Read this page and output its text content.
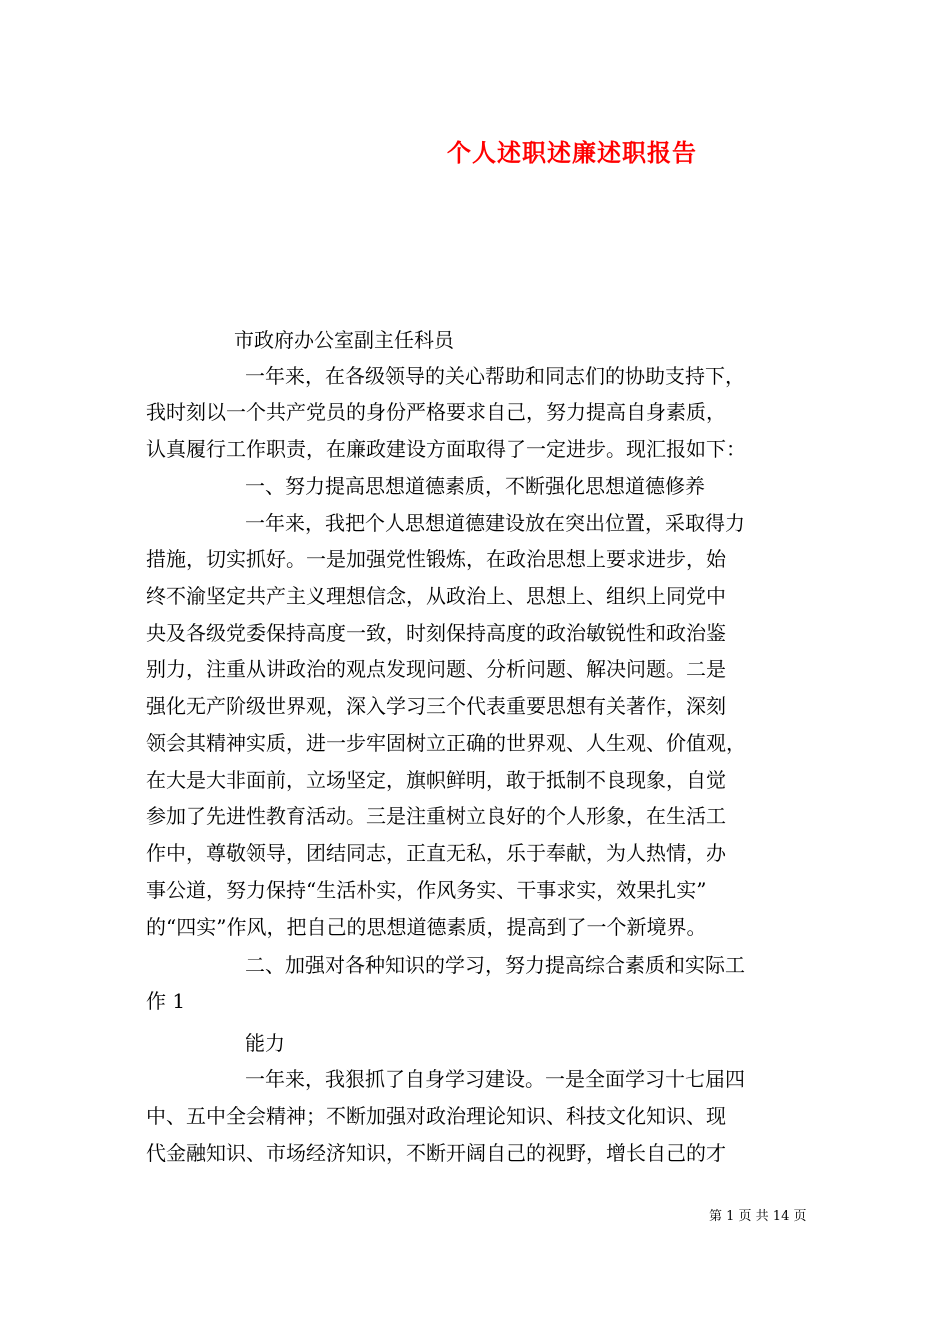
个人述职述廉述职报告
市政府办公室副主任科员
一年来，在各级领导的关心帮助和同志们的协助支持下，
我时刻以一个共产党员的身份严格要求自己，努力提高自身素质，
认真履行工作职责，在廉政建设方面取得了一定进步。现汇报如下：
一、努力提高思想道德素质，不断强化思想道德修养
一年来，我把个人思想道德建设放在突出位置，采取得力
措施，切实抓好。一是加强党性锻炼，在政治思想上要求进步，始
终不渝坚定共产主义理想信念，从政治上、思想上、组织上同党中
央及各级党委保持高度一致，时刻保持高度的政治敏锐性和政治鉴
别力，注重从讲政治的观点发现问题、分析问题、解决问题。二是
强化无产阶级世界观，深入学习三个代表重要思想有关著作，深刻
领会其精神实质，进一步牢固树立正确的世界观、人生观、价值观，
在大是大非面前，立场坚定，旗帜鲜明，敢于抵制不良现象，自觉
参加了先进性教育活动。三是注重树立良好的个人形象，在生活工
作中，尊敬领导，团结同志，正直无私，乐于奉献，为人热情，办
事公道，努力保持“生活朴实，作风务实、干事求实，效果扎实”
的“四实”作风，把自己的思想道德素质，提高到了一个新境界。
二、加强对各种知识的学习，努力提高综合素质和实际工
作 1
能力
一年来，我狠抓了自身学习建设。一是全面学习十七届四
中、五中全会精神；不断加强对政治理论知识、科技文化知识、现
代金融知识、市场经济知识，不断开阔自己的视野，增长自己的才
第 1 页 共 14 页
